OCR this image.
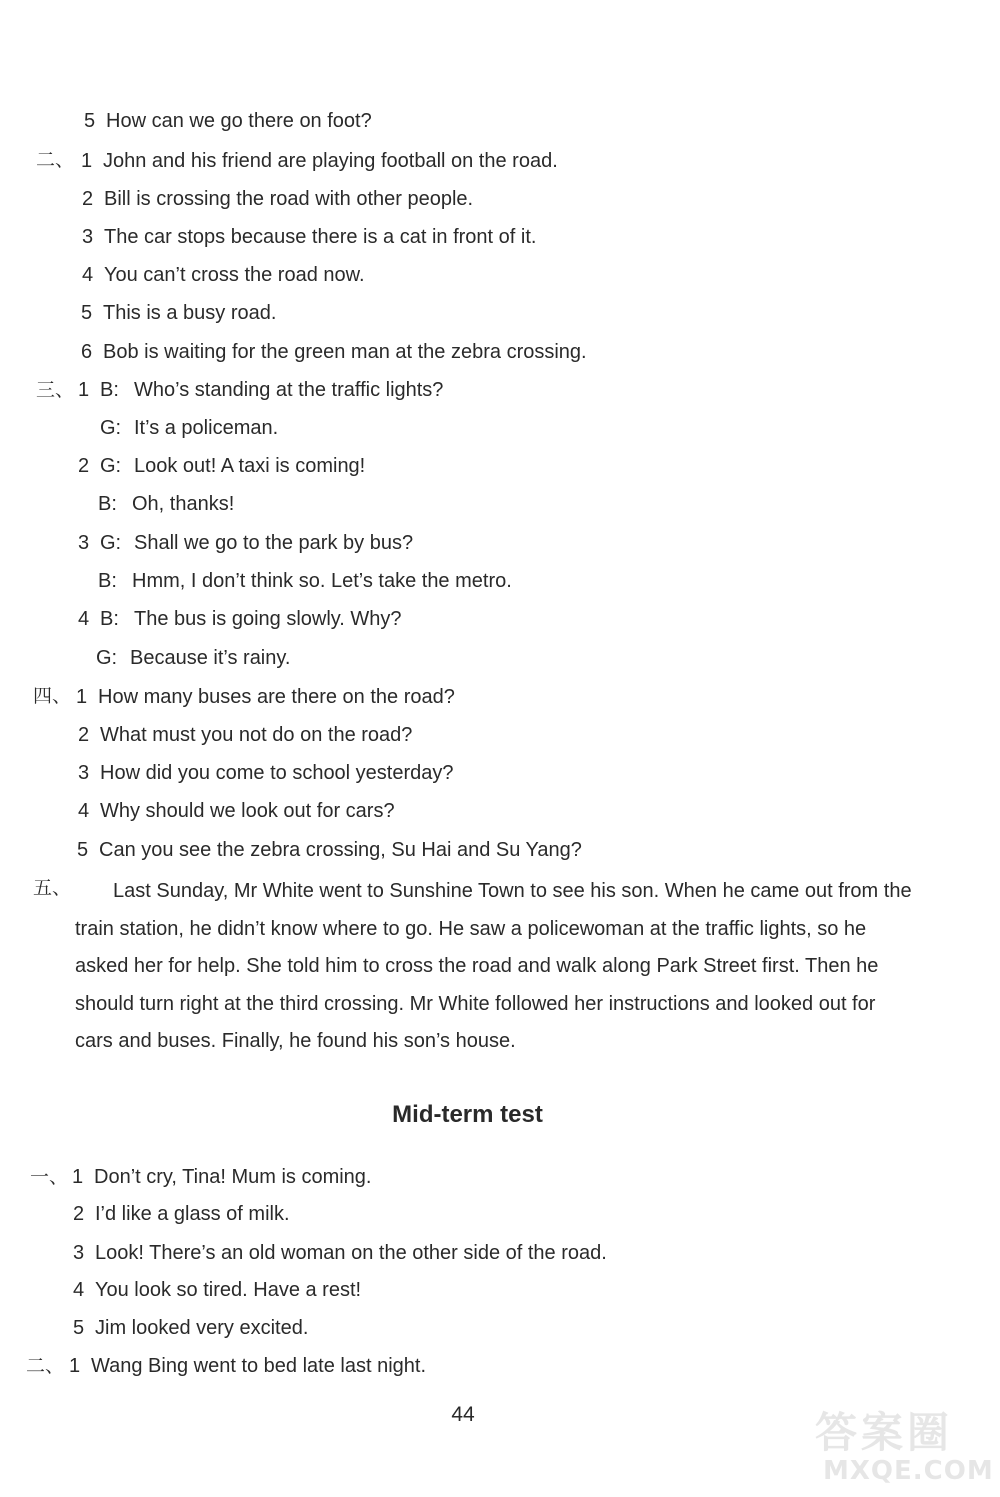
5 How can we go there on foot?
二、 1 John and his friend are playing football on the road.
2 Bill is crossing the road with other people.
3 The car stops because there is a cat in front of it.
4 You can’t cross the road now.
5 This is a busy road.
6 Bob is waiting for the green man at the zebra crossing.
三、 1 B: Who’s standing at the traffic lights?
G: It’s a policeman.
2 G: Look out! A taxi is coming!
B: Oh, thanks!
3 G: Shall we go to the park by bus?
B: Hmm, I don’t think so. Let’s take the metro.
4 B: The bus is going slowly. Why?
G: Because it’s rainy.
四、 1 How many buses are there on the road?
2 What must you not do on the road?
3 How did you come to school yesterday?
4 Why should we look out for cars?
5 Can you see the zebra crossing, Su Hai and Su Yang?
五、	Last Sunday, Mr White went to Sunshine Town to see his son. When he came out from the train station, he didn’t know where to go. He saw a policewoman at the traffic lights, so he asked her for help. She told him to cross the road and walk along Park Street first. Then he should turn right at the third crossing. Mr White followed her instructions and looked out for cars and buses. Finally, he found his son’s house.
Mid-term test
一、 1 Don’t cry, Tina! Mum is coming.
2 I’d like a glass of milk.
3 Look! There’s an old woman on the other side of the road.
4 You look so tired. Have a rest!
5 Jim looked very excited.
二、 1 Wang Bing went to bed late last night.
44	答案圈
MXQE.COM
